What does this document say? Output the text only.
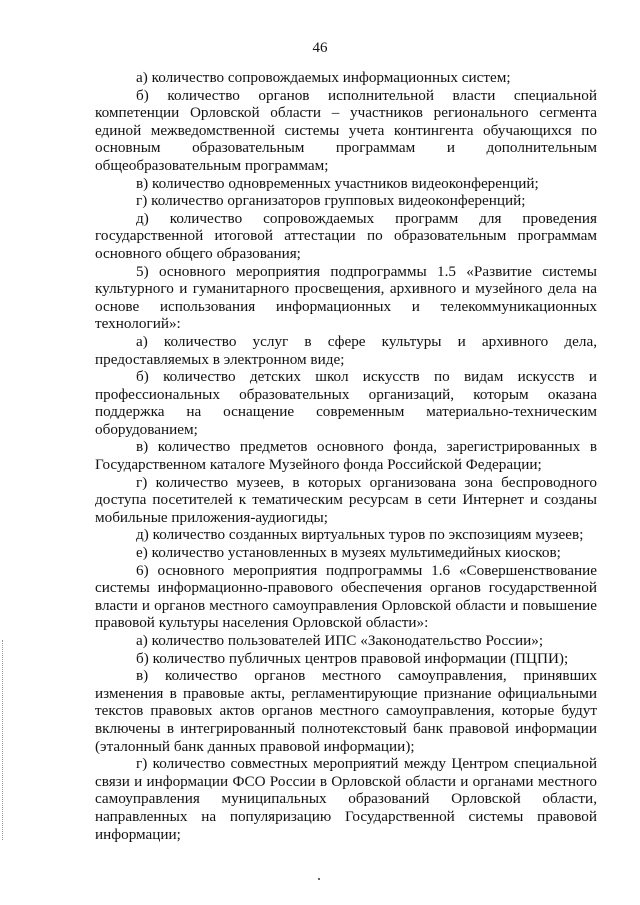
46

а) количество сопровождаемых информационных систем;

б) количество органов исполнительной власти специальной компетенции Орловской области – участников регионального сегмента единой межведомственной системы учета контингента обучающихся по основным образовательным программам и дополнительным общеобразовательным программам;

в) количество одновременных участников видеоконференций;

г) количество организаторов групповых видеоконференций;

д) количество сопровождаемых программ для проведения государственной итоговой аттестации по образовательным программам основного общего образования;

5) основного мероприятия подпрограммы 1.5 «Развитие системы культурного и гуманитарного просвещения, архивного и музейного дела на основе использования информационных и телекоммуникационных технологий»:

а) количество услуг в сфере культуры и архивного дела, предоставляемых в электронном виде;

б) количество детских школ искусств по видам искусств и профессиональных образовательных организаций, которым оказана поддержка на оснащение современным материально-техническим оборудованием;

в) количество предметов основного фонда, зарегистрированных в Государственном каталоге Музейного фонда Российской Федерации;

г) количество музеев, в которых организована зона беспроводного доступа посетителей к тематическим ресурсам в сети Интернет и созданы мобильные приложения-аудиогиды;

д) количество созданных виртуальных туров по экспозициям музеев;

е) количество установленных в музеях мультимедийных киосков;

6) основного мероприятия подпрограммы 1.6 «Совершенствование системы информационно-правового обеспечения органов государственной власти и органов местного самоуправления Орловской области и повышение правовой культуры населения Орловской области»:

а) количество пользователей ИПС «Законодательство России»;

б) количество публичных центров правовой информации (ПЦПИ);

в) количество органов местного самоуправления, принявших изменения в правовые акты, регламентирующие признание официальными текстов правовых актов органов местного самоуправления, которые будут включены в интегрированный полнотекстовый банк правовой информации (эталонный банк данных правовой информации);

г) количество совместных мероприятий между Центром специальной связи и информации ФСО России в Орловской области и органами местного самоуправления муниципальных образований Орловской области, направленных на популяризацию Государственной системы правовой информации;
